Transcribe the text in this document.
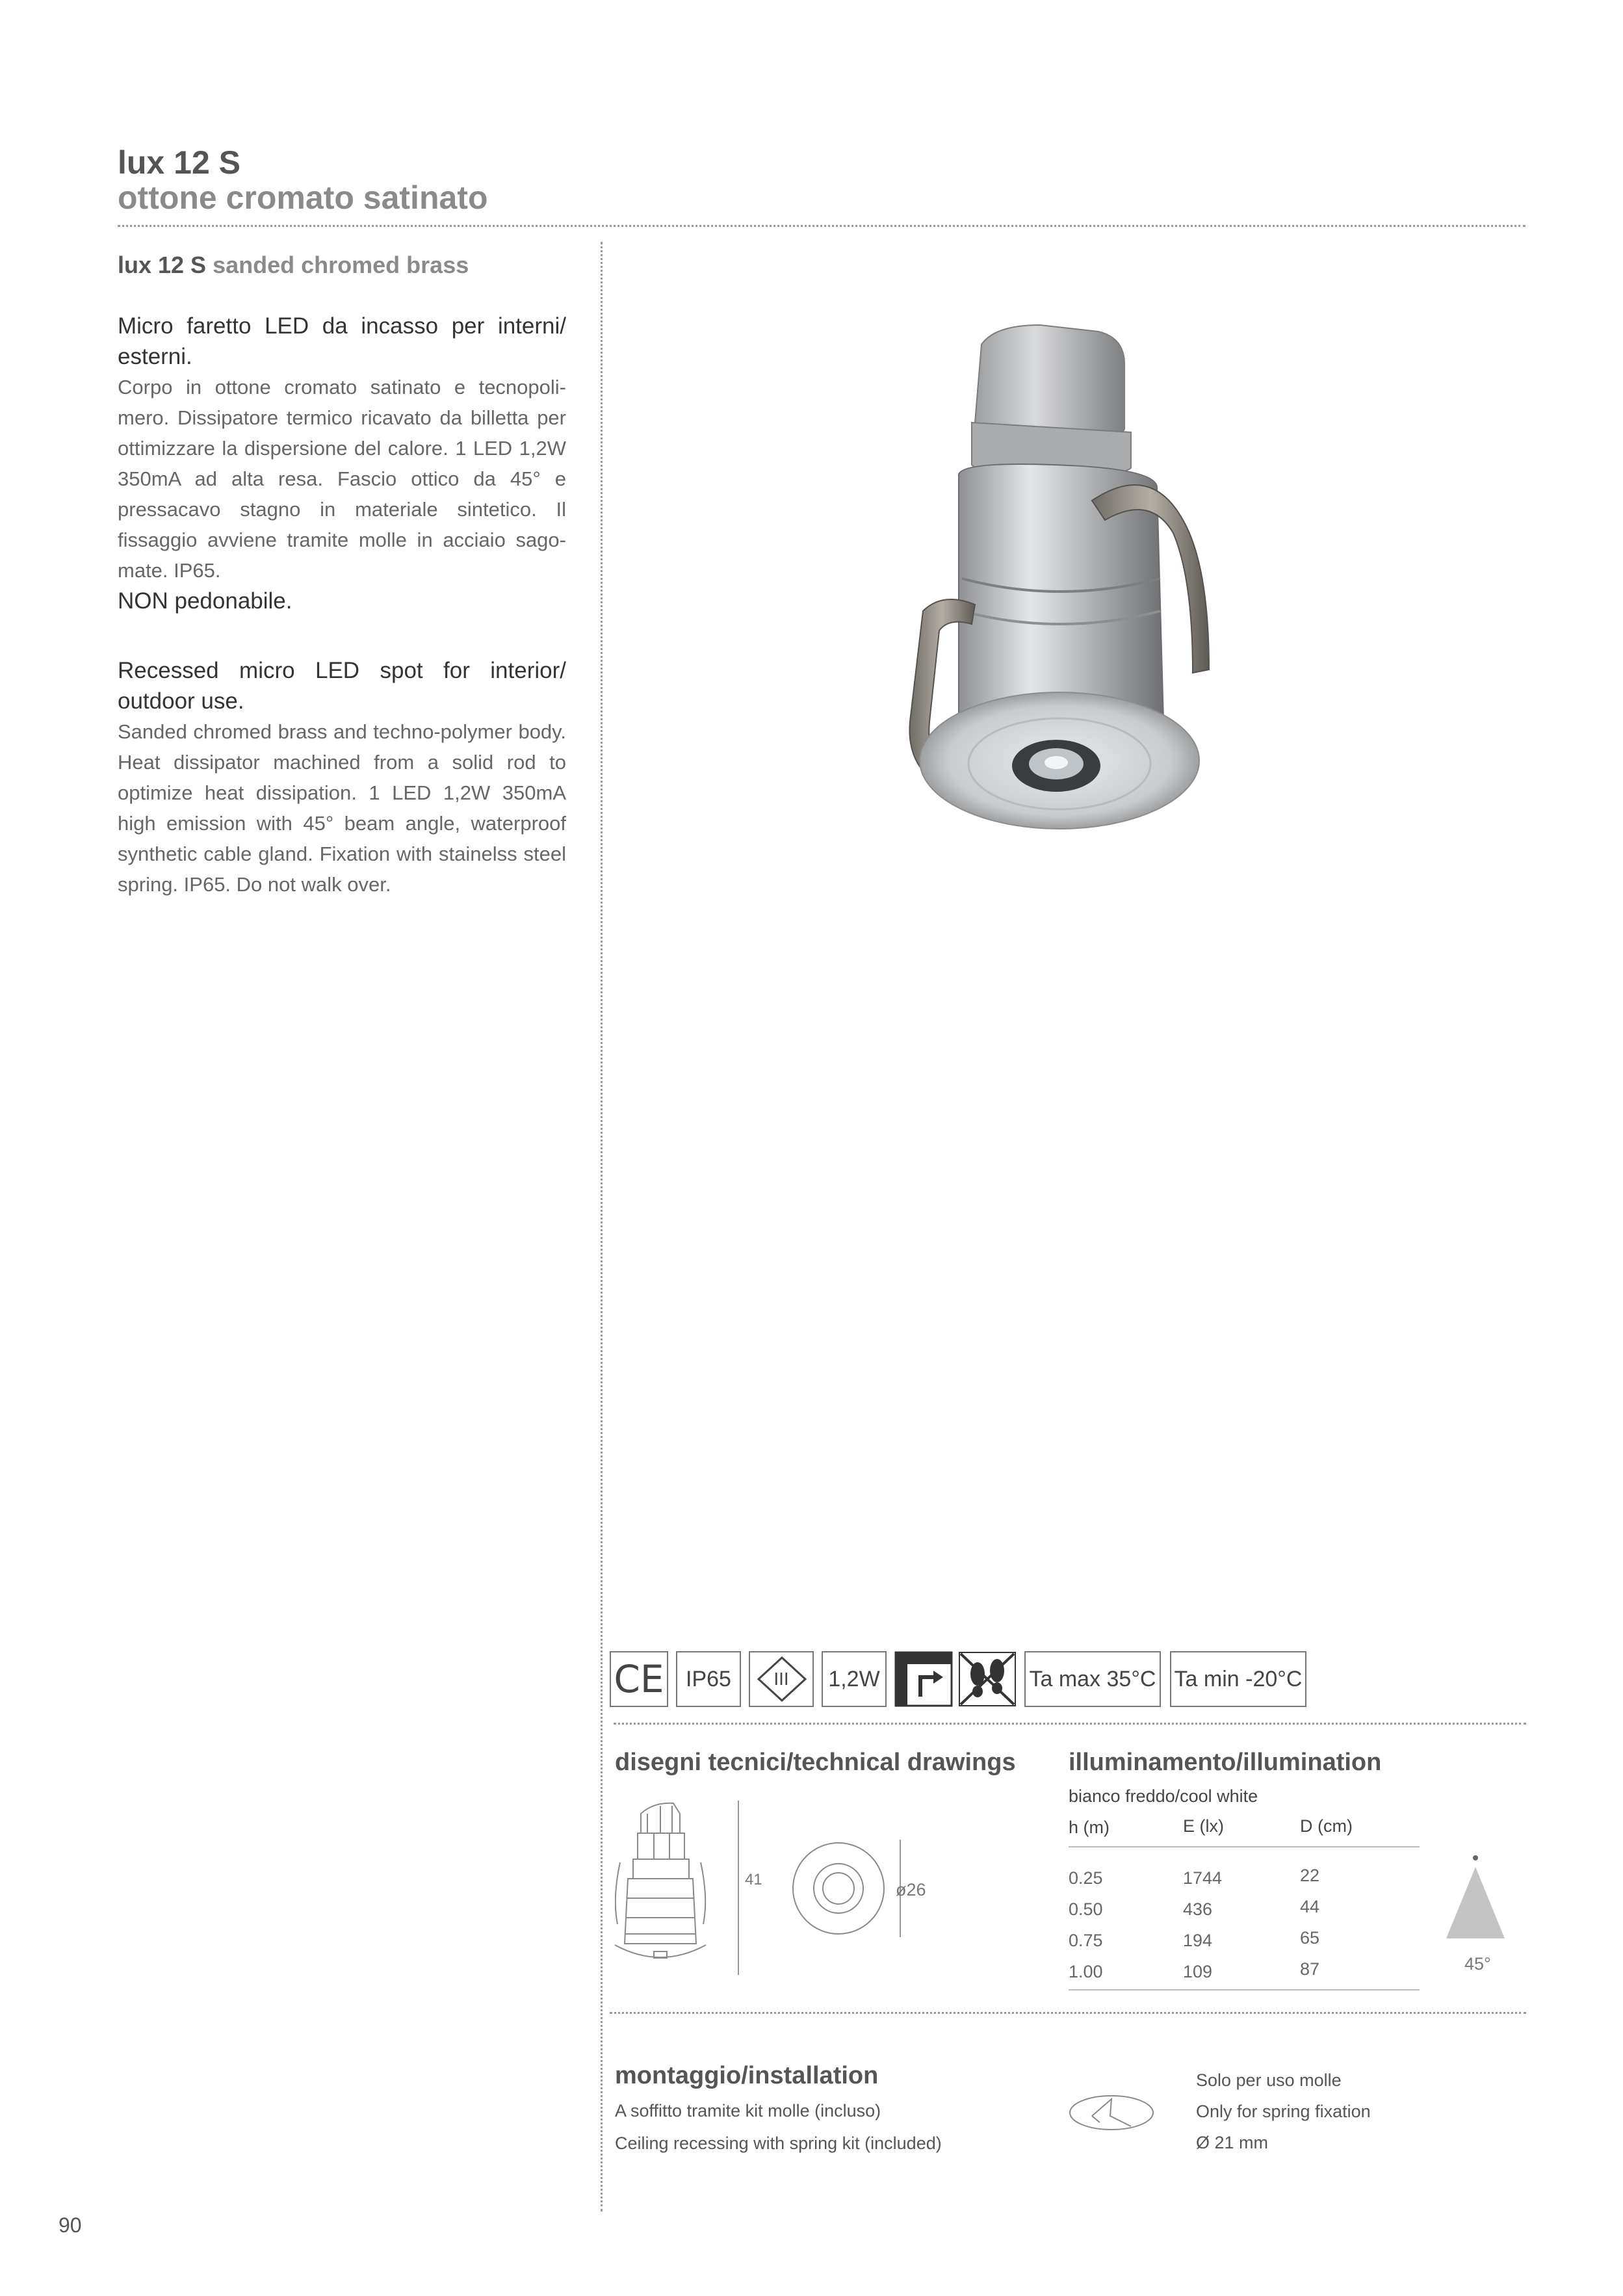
lux 12 S
ottone cromato satinato
lux 12 S sanded chromed brass
Micro faretto LED da incasso per interni/ esterni.
Corpo in ottone cromato satinato e tecnopoli-mero. Dissipatore termico ricavato da billetta per ottimizzare la dispersione del calore. 1 LED 1,2W 350mA ad alta resa. Fascio ottico da 45° e pressacavo stagno in materiale sintetico. Il fissaggio avviene tramite molle in acciaio sago-mate. IP65.
NON pedonabile.
Recessed micro LED spot for interior/ outdoor use.
Sanded chromed brass and techno-polymer body. Heat dissipator machined from a solid rod to optimize heat dissipation. 1 LED 1,2W 350mA high emission with 45° beam angle, waterproof synthetic cable gland. Fixation with stainelss steel spring. IP65. Do not walk over.
CE IP65 III 1,2W	Ta max 35°C Ta min -20°C
disegni tecnici/technical drawings
41
ø26
illuminamento/illumination
bianco freddo/cool white
h (m)	E (lx)	D (cm)
0.25	1744	22
0.50	436	44
0.75	194	65
1.00	109	87	45°
montaggio/installation
A soffitto tramite kit molle (incluso)
Ceiling recessing with spring kit (included)
Solo per uso molle
Only for spring fixation
Ø 21 mm
90
